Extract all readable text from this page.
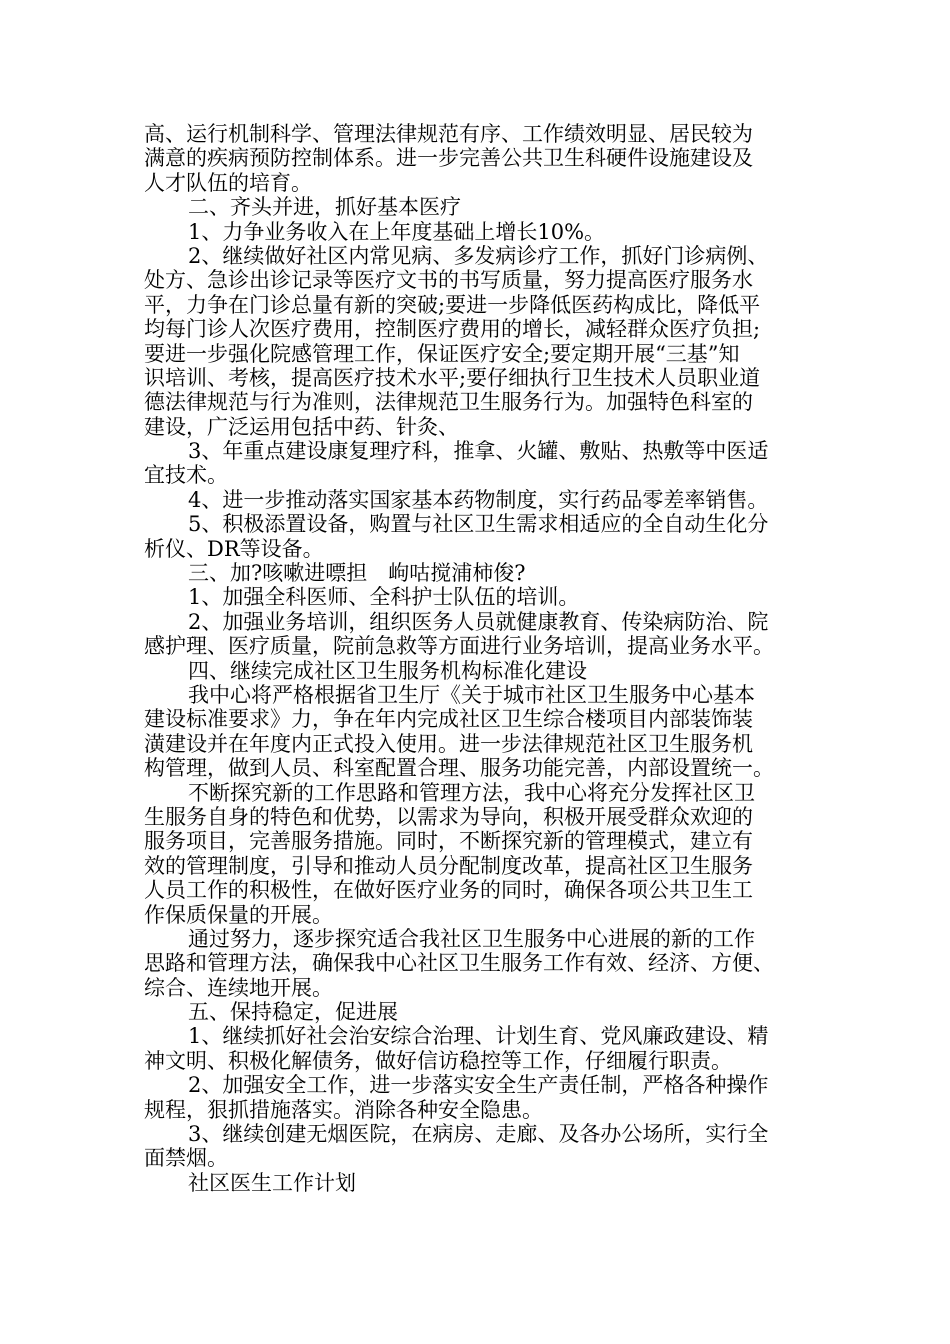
高、运行机制科学、管理法律规范有序、工作绩效明显、居民较为
满意的疾病预防控制体系。进一步完善公共卫生科硬件设施建设及
人才队伍的培育。
二、齐头并进，抓好基本医疗
1、力争业务收入在上年度基础上增长10%。
2、继续做好社区内常见病、多发病诊疗工作，抓好门诊病例、
处方、急诊出诊记录等医疗文书的书写质量，努力提高医疗服务水
平，力争在门诊总量有新的突破;要进一步降低医药构成比，降低平
均每门诊人次医疗费用，控制医疗费用的增长，减轻群众医疗负担;
要进一步强化院感管理工作，保证医疗安全;要定期开展“三基”知
识培训、考核，提高医疗技术水平;要仔细执行卫生技术人员职业道
德法律规范与行为准则，法律规范卫生服务行为。加强特色科室的
建设，广泛运用包括中药、针灸、
3、年重点建设康复理疗科，推拿、火罐、敷贴、热敷等中医适
宜技术。
4、进一步推动落实国家基本药物制度，实行药品零差率销售。
5、积极添置设备，购置与社区卫生需求相适应的全自动生化分
析仪、DR等设备。
三、加?咳嗽进嘌担　岣咕搅浦柿俊?
1、加强全科医师、全科护士队伍的培训。
2、加强业务培训，组织医务人员就健康教育、传染病防治、院
感护理、医疗质量，院前急救等方面进行业务培训，提高业务水平。
四、继续完成社区卫生服务机构标准化建设
我中心将严格根据省卫生厅《关于城市社区卫生服务中心基本
建设标准要求》力，争在年内完成社区卫生综合楼项目内部装饰装
潢建设并在年度内正式投入使用。进一步法律规范社区卫生服务机
构管理，做到人员、科室配置合理、服务功能完善，内部设置统一。
不断探究新的工作思路和管理方法，我中心将充分发挥社区卫
生服务自身的特色和优势，以需求为导向，积极开展受群众欢迎的
服务项目，完善服务措施。同时，不断探究新的管理模式，建立有
效的管理制度，引导和推动人员分配制度改革，提高社区卫生服务
人员工作的积极性，在做好医疗业务的同时，确保各项公共卫生工
作保质保量的开展。
通过努力，逐步探究适合我社区卫生服务中心进展的新的工作
思路和管理方法，确保我中心社区卫生服务工作有效、经济、方便、
综合、连续地开展。
五、保持稳定，促进展
1、继续抓好社会治安综合治理、计划生育、党风廉政建设、精
神文明、积极化解债务，做好信访稳控等工作，仔细履行职责。
2、加强安全工作，进一步落实安全生产责任制，严格各种操作
规程，狠抓措施落实。消除各种安全隐患。
3、继续创建无烟医院，在病房、走廊、及各办公场所，实行全
面禁烟。
社区医生工作计划
